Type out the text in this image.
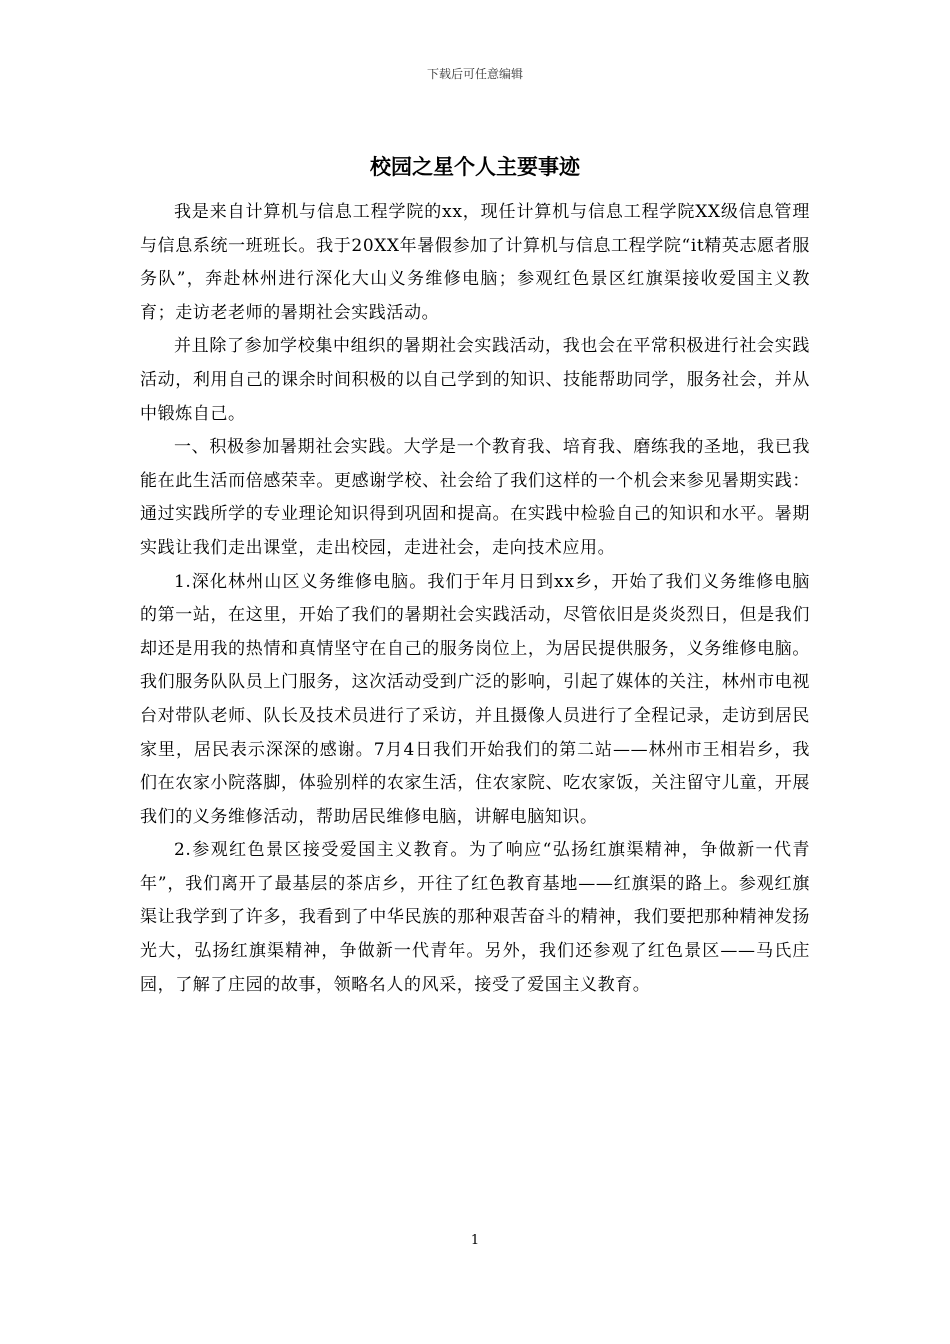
下载后可任意编辑
校园之星个人主要事迹

我是来自计算机与信息工程学院的xx，现任计算机与信息工程学院XX级信息管理与信息系统一班班长。我于20XX年暑假参加了计算机与信息工程学院“it精英志愿者服务队”，奔赴林州进行深化大山义务维修电脑；参观红色景区红旗渠接收爱国主义教育；走访老老师的暑期社会实践活动。

并且除了参加学校集中组织的暑期社会实践活动，我也会在平常积极进行社会实践活动，利用自己的课余时间积极的以自己学到的知识、技能帮助同学，服务社会，并从中锻炼自己。

一、积极参加暑期社会实践。大学是一个教育我、培育我、磨练我的圣地，我已我能在此生活而倍感荣幸。更感谢学校、社会给了我们这样的一个机会来参见暑期实践：通过实践所学的专业理论知识得到巩固和提高。在实践中检验自己的知识和水平。暑期实践让我们走出课堂，走出校园，走进社会，走向技术应用。

1.深化林州山区义务维修电脑。我们于年月日到xx乡，开始了我们义务维修电脑的第一站，在这里，开始了我们的暑期社会实践活动，尽管依旧是炎炎烈日，但是我们却还是用我的热情和真情坚守在自己的服务岗位上，为居民提供服务，义务维修电脑。我们服务队队员上门服务，这次活动受到广泛的影响，引起了媒体的关注，林州市电视台对带队老师、队长及技术员进行了采访，并且摄像人员进行了全程记录，走访到居民家里，居民表示深深的感谢。7月4日我们开始我们的第二站——林州市王相岩乡，我们在农家小院落脚，体验别样的农家生活，住农家院、吃农家饭，关注留守儿童，开展我们的义务维修活动，帮助居民维修电脑，讲解电脑知识。

2.参观红色景区接受爱国主义教育。为了响应“弘扬红旗渠精神，争做新一代青年”，我们离开了最基层的茶店乡，开往了红色教育基地——红旗渠的路上。参观红旗渠让我学到了许多，我看到了中华民族的那种艰苦奋斗的精神，我们要把那种精神发扬光大，弘扬红旗渠精神，争做新一代青年。另外，我们还参观了红色景区——马氏庄园，了解了庄园的故事，领略名人的风采，接受了爱国主义教育。

1
